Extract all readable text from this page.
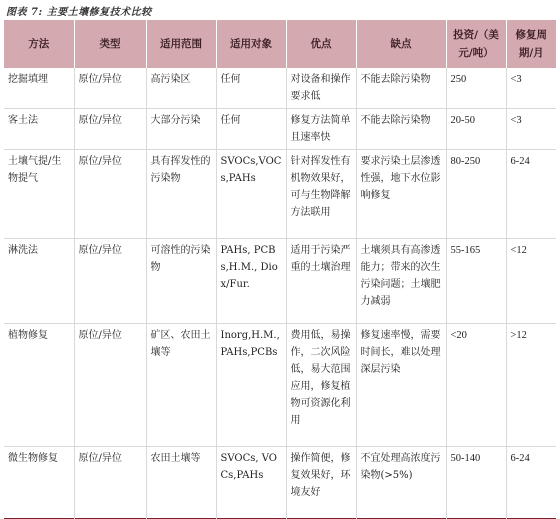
图表 7: 主要土壤修复技术比较
方法	类型	适用范围	适用对象	优点	缺点	投资/（美元/吨）	修复周期/月
挖掘填埋	原位/异位	高污染区	任何	对设备和操作要求低	不能去除污染物	250	<3
客土法	原位/异位	大部分污染	任何	修复方法简单且速率快	不能去除污染物	20-50	<3
土壤气提/生物提气	原位/异位	具有挥发性的污染物	SVOCs,VOCs,PAHs	针对挥发性有机物效果好，可与生物降解方法联用	要求污染土层渗透性强，地下水位影响修复	80-250	6-24
淋洗法	原位/异位	可溶性的污染物	PAHs, PCBs,H.M., Diox/Fur.	适用于污染严重的土壤治理	土壤须具有高渗透能力；带来的次生污染问题；土壤肥力减弱	55-165	<12
植物修复	原位/异位	矿区、农田土壤等	Inorg,H.M., PAHs,PCBs	费用低，易操作，二次风险低，易大范围应用，修复植物可资源化利用	修复速率慢，需要时间长，难以处理深层污染	<20	>12
微生物修复	原位/异位	农田土壤等	SVOCs, VOCs,PAHs	操作简便，修复效果好，环境友好	不宜处理高浓度污染物(>5%)	50-140	6-24
